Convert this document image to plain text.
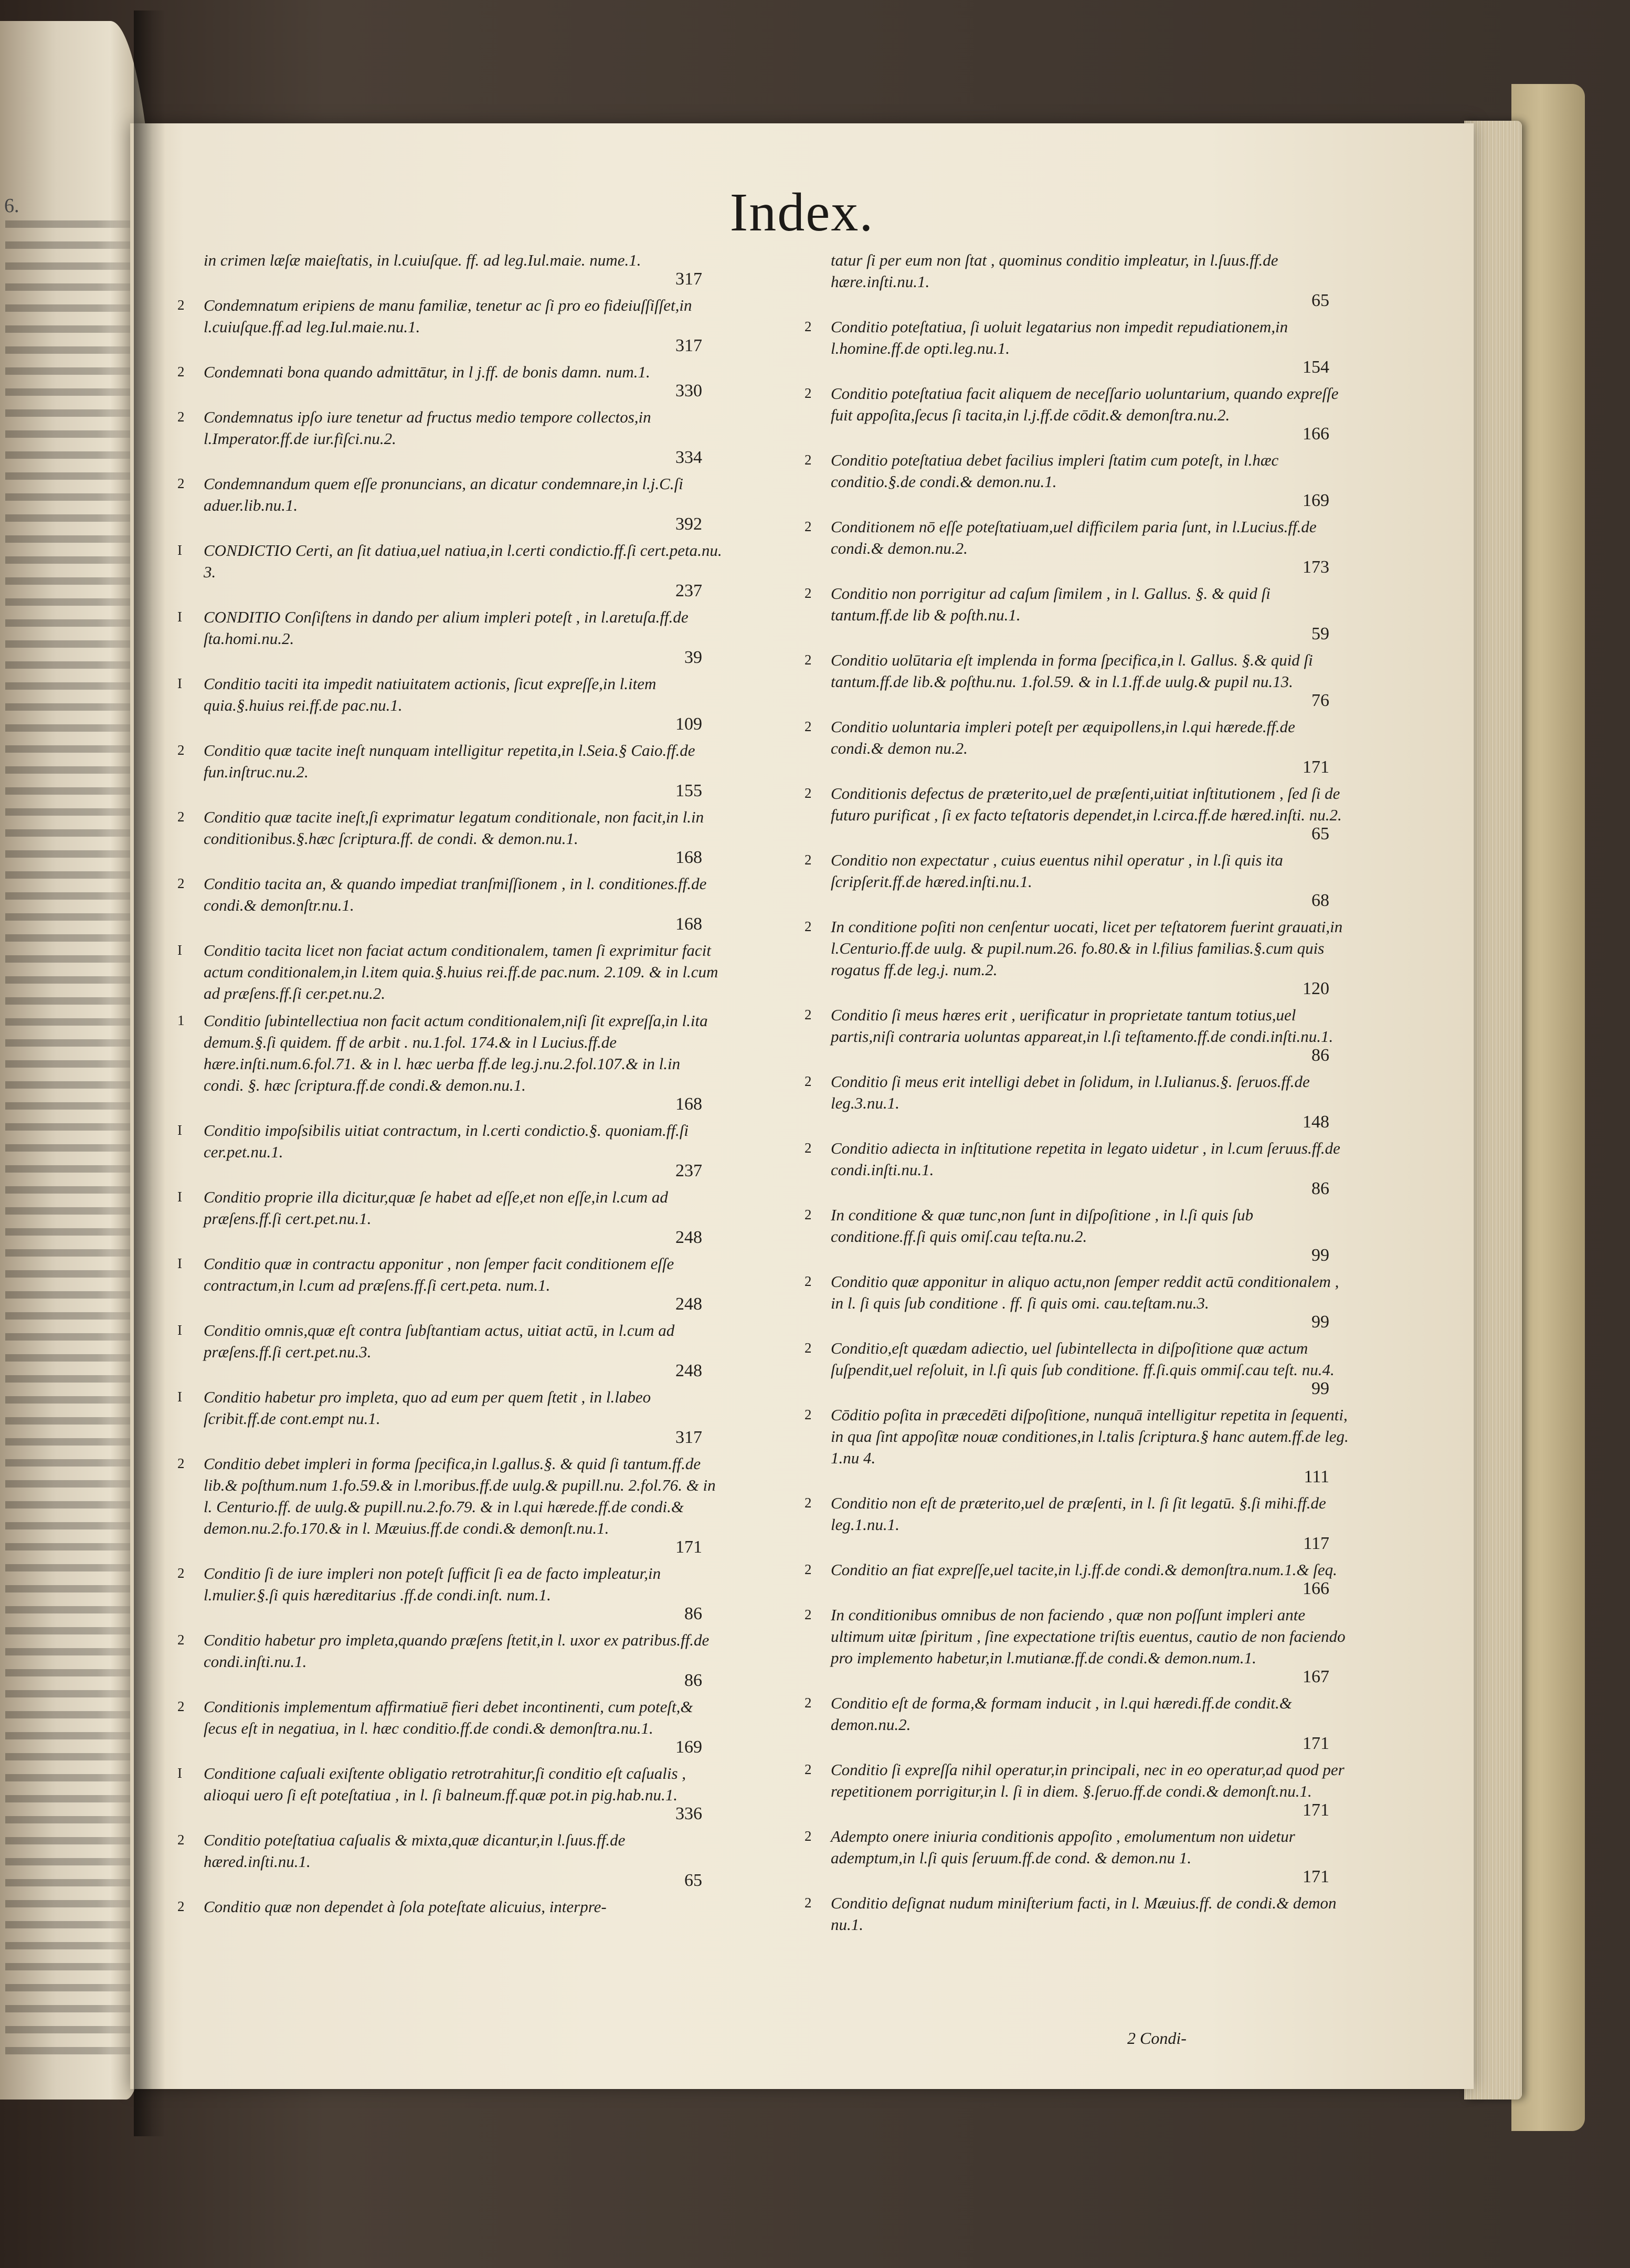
6.	Index.
in crimen læſæ maieſtatis, in l.cuiuſque. ff. ad leg.Iul.maie. nume.1.
317
2	Condemnatum eripiens de manu familiæ, tenetur ac ſi pro eo fideiuſſiſſet,in l.cuiuſque.ff.ad leg.Iul.maie.nu.1.
317
2	Condemnati bona quando admittātur, in l j.ff. de bonis damn. num.1.
330
2	Condemnatus ipſo iure tenetur ad fructus medio tempore collectos,in l.Imperator.ff.de iur.fiſci.nu.2.
334
2	Condemnandum quem eſſe pronuncians, an dicatur condemnare,in l.j.C.ſi aduer.lib.nu.1.
392
I	CONDICTIO Certi, an ſit datiua,uel natiua,in l.certi condictio.ff.ſi cert.peta.nu. 3.
237
I	CONDITIO Conſiſtens in dando per alium impleri poteſt , in l.aretuſa.ff.de ſta.homi.nu.2.
39
I	Conditio taciti ita impedit natiuitatem actionis, ſicut expreſſe,in l.item quia.§.huius rei.ff.de pac.nu.1.
109
2	Conditio quæ tacite ineſt nunquam intelligitur repetita,in l.Seia.§ Caio.ff.de fun.inſtruc.nu.2.
155
2	Conditio quæ tacite ineſt,ſi exprimatur legatum conditionale, non facit,in l.in conditionibus.§.hæc ſcriptura.ff. de condi. & demon.nu.1.
168
2	Conditio tacita an, & quando impediat tranſmiſſionem , in l. conditiones.ff.de condi.& demonſtr.nu.1.
168
I	Conditio tacita licet non faciat actum conditionalem, tamen ſi exprimitur facit actum conditionalem,in l.item quia.§.huius rei.ff.de pac.num. 2.109. & in l.cum ad præſens.ff.ſi cer.pet.nu.2.
1	Conditio ſubintellectiua non facit actum conditionalem,niſi ſit expreſſa,in l.ita demum.§.ſi quidem. ff de arbit . nu.1.fol. 174.& in l Lucius.ff.de hære.inſti.num.6.fol.71. & in l. hæc uerba ff.de leg.j.nu.2.fol.107.& in l.in condi. §. hæc ſcriptura.ff.de condi.& demon.nu.1.
168
I	Conditio impoſsibilis uitiat contractum, in l.certi condictio.§. quoniam.ff.ſi cer.pet.nu.1.
237
I	Conditio proprie illa dicitur,quæ ſe habet ad eſſe,et non eſſe,in l.cum ad præſens.ff.ſi cert.pet.nu.1.
248
I	Conditio quæ in contractu apponitur , non ſemper facit conditionem eſſe contractum,in l.cum ad præſens.ff.ſi cert.peta. num.1.
248
I	Conditio omnis,quæ eſt contra ſubſtantiam actus, uitiat actū, in l.cum ad præſens.ff.ſi cert.pet.nu.3.
248
I	Conditio habetur pro impleta, quo ad eum per quem ſtetit , in l.labeo ſcribit.ff.de cont.empt nu.1.
317
2	Conditio debet impleri in forma ſpecifica,in l.gallus.§. & quid ſi tantum.ff.de lib.& poſthum.num 1.fo.59.& in l.moribus.ff.de uulg.& pupill.nu. 2.fol.76. & in l. Centurio.ff. de uulg.& pupill.nu.2.fo.79. & in l.qui hærede.ff.de condi.& demon.nu.2.fo.170.& in l. Mæuius.ff.de condi.& demonſt.nu.1.
171
2	Conditio ſi de iure impleri non poteſt ſufficit ſi ea de facto impleatur,in l.mulier.§.ſi quis hæreditarius .ff.de condi.inſt. num.1.
86
2	Conditio habetur pro impleta,quando præſens ſtetit,in l. uxor ex patribus.ff.de condi.inſti.nu.1.
86
2	Conditionis implementum affirmatiuē fieri debet incontinenti, cum poteſt,& ſecus eſt in negatiua, in l. hæc conditio.ff.de condi.& demonſtra.nu.1.
169
I	Conditione caſuali exiſtente obligatio retrotrahitur,ſi conditio eſt caſualis , alioqui uero ſi eſt poteſtatiua , in l. ſi balneum.ff.quæ pot.in pig.hab.nu.1.
336
2	Conditio poteſtatiua caſualis & mixta,quæ dicantur,in l.ſuus.ff.de hæred.inſti.nu.1.
65
2	Conditio quæ non dependet à ſola poteſtate alicuius, interpre-
tatur ſi per eum non ſtat , quominus conditio impleatur, in l.ſuus.ff.de hære.inſti.nu.1.
65
2	Conditio poteſtatiua, ſi uoluit legatarius non impedit repudiationem,in l.homine.ff.de opti.leg.nu.1.
154
2	Conditio poteſtatiua facit aliquem de neceſſario uoluntarium, quando expreſſe fuit appoſita,ſecus ſi tacita,in l.j.ff.de cōdit.& demonſtra.nu.2.
166
2	Conditio poteſtatiua debet facilius impleri ſtatim cum poteſt, in l.hæc conditio.§.de condi.& demon.nu.1.
169
2	Conditionem nō eſſe poteſtatiuam,uel difficilem paria ſunt, in l.Lucius.ff.de condi.& demon.nu.2.
173
2	Conditio non porrigitur ad caſum ſimilem , in l. Gallus. §. & quid ſi tantum.ff.de lib & poſth.nu.1.
59
2	Conditio uolūtaria eſt implenda in forma ſpecifica,in l. Gallus. §.& quid ſi tantum.ff.de lib.& poſthu.nu. 1.fol.59. & in l.1.ff.de uulg.& pupil nu.13.
76
2	Conditio uoluntaria impleri poteſt per æquipollens,in l.qui hærede.ff.de condi.& demon nu.2.
171
2	Conditionis defectus de præterito,uel de præſenti,uitiat inſtitutionem , ſed ſi de futuro purificat , ſi ex facto teſtatoris dependet,in l.circa.ff.de hæred.inſti. nu.2.
65
2	Conditio non expectatur , cuius euentus nihil operatur , in l.ſi quis ita ſcripſerit.ff.de hæred.inſti.nu.1.
68
2	In conditione poſiti non cenſentur uocati, licet per teſtatorem fuerint grauati,in l.Centurio.ff.de uulg. & pupil.num.26. fo.80.& in l.filius familias.§.cum quis rogatus ff.de leg.j. num.2.
120
2	Conditio ſi meus hæres erit , uerificatur in proprietate tantum totius,uel partis,niſi contraria uoluntas appareat,in l.ſi teſtamento.ff.de condi.inſti.nu.1.
86
2	Conditio ſi meus erit intelligi debet in ſolidum, in l.Iulianus.§. ſeruos.ff.de leg.3.nu.1.
148
2	Conditio adiecta in inſtitutione repetita in legato uidetur , in l.cum ſeruus.ff.de condi.inſti.nu.1.
86
2	In conditione & quæ tunc,non ſunt in diſpoſitione , in l.ſi quis ſub conditione.ff.ſi quis omiſ.cau teſta.nu.2.
99
2	Conditio quæ apponitur in aliquo actu,non ſemper reddit actū conditionalem , in l. ſi quis ſub conditione . ff. ſi quis omi. cau.teſtam.nu.3.
99
2	Conditio,eſt quædam adiectio, uel ſubintellecta in diſpoſitione quæ actum ſuſpendit,uel reſoluit, in l.ſi quis ſub conditione. ff.ſi.quis ommiſ.cau teſt. nu.4.
99
2	Cōditio poſita in præcedēti diſpoſitione, nunquā intelligitur repetita in ſequenti, in qua ſint appoſitæ nouæ conditiones,in l.talis ſcriptura.§ hanc autem.ff.de leg. 1.nu 4.
111
2	Conditio non eſt de præterito,uel de præſenti, in l. ſi ſit legatū. §.ſi mihi.ff.de leg.1.nu.1.
117
2	Conditio an fiat expreſſe,uel tacite,in l.j.ff.de condi.& demonſtra.num.1.& ſeq.
166
2	In conditionibus omnibus de non faciendo , quæ non poſſunt impleri ante ultimum uitæ ſpiritum , ſine expectatione triſtis euentus, cautio de non faciendo pro implemento habetur,in l.mutianæ.ff.de condi.& demon.num.1.
167
2	Conditio eſt de forma,& formam inducit , in l.qui hæredi.ff.de condit.& demon.nu.2.
171
2	Conditio ſi expreſſa nihil operatur,in principali, nec in eo operatur,ad quod per repetitionem porrigitur,in l. ſi in diem. §.ſeruo.ff.de condi.& demonſt.nu.1.
171
2	Adempto onere iniuria conditionis appoſito , emolumentum non uidetur ademptum,in l.ſi quis ſeruum.ff.de cond. & demon.nu 1.
171
2	Conditio deſignat nudum miniſterium facti, in l. Mæuius.ff. de condi.& demon nu.1.
2 Condi-
